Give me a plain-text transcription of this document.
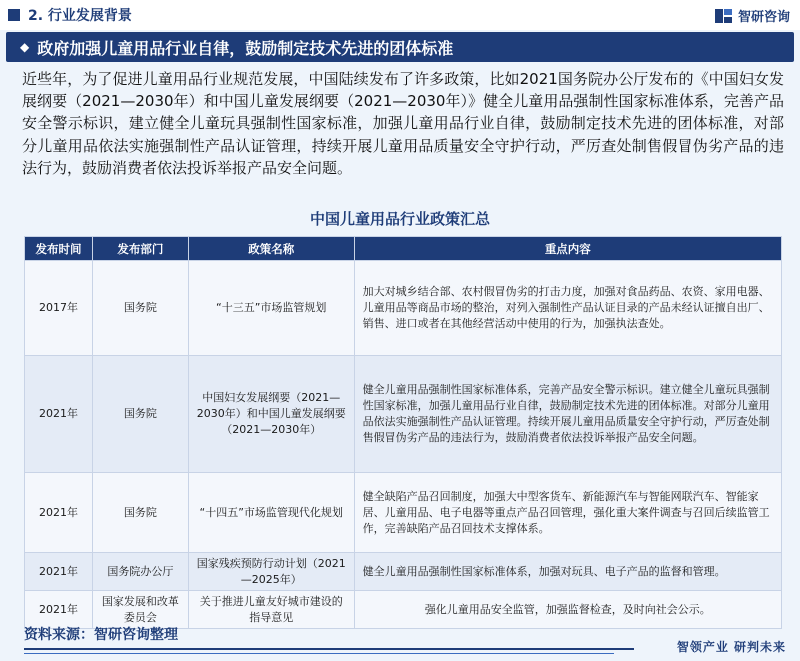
2. 行业发展背景	智研咨询
◆ 政府加强儿童用品行业自律，鼓励制定技术先进的团体标准

近些年，为了促进儿童用品行业规范发展，中国陆续发布了许多政策，比如2021国务院办公厅发布的《中国妇女发展纲要（2021—2030年）和中国儿童发展纲要（2021—2030年）》健全儿童用品强制性国家标准体系，完善产品安全警示标识，建立健全儿童玩具强制性国家标准，加强儿童用品行业自律，鼓励制定技术先进的团体标准，对部分儿童用品依法实施强制性产品认证管理，持续开展儿童用品质量安全守护行动，严厉查处制售假冒伪劣产品的违法行为，鼓励消费者依法投诉举报产品安全问题。

中国儿童用品行业政策汇总
发布时间	发布部门	政策名称	重点内容
2017年	国务院	“十三五”市场监管规划	加大对城乡结合部、农村假冒伪劣的打击力度，加强对食品药品、农资、家用电器、儿童用品等商品市场的整治，对列入强制性产品认证目录的产品未经认证擅自出厂、销售、进口或者在其他经营活动中使用的行为，加强执法查处。
2021年	国务院	中国妇女发展纲要（2021—2030年）和中国儿童发展纲要（2021—2030年）	健全儿童用品强制性国家标准体系，完善产品安全警示标识。建立健全儿童玩具强制性国家标准，加强儿童用品行业自律，鼓励制定技术先进的团体标准。对部分儿童用品依法实施强制性产品认证管理。持续开展儿童用品质量安全守护行动，严厉查处制售假冒伪劣产品的违法行为，鼓励消费者依法投诉举报产品安全问题。
2021年	国务院	“十四五”市场监管现代化规划	健全缺陷产品召回制度，加强大中型客货车、新能源汽车与智能网联汽车、智能家居、儿童用品、电子电器等重点产品召回管理，强化重大案件调查与召回后续监管工作，完善缺陷产品召回技术支撑体系。
2021年	国务院办公厅	国家残疾预防行动计划（2021—2025年）	健全儿童用品强制性国家标准体系，加强对玩具、电子产品的监督和管理。
2021年	国家发展和改革委员会	关于推进儿童友好城市建设的指导意见	强化儿童用品安全监管，加强监督检查，及时向社会公示。
资料来源：智研咨询整理
智领产业 研判未来
